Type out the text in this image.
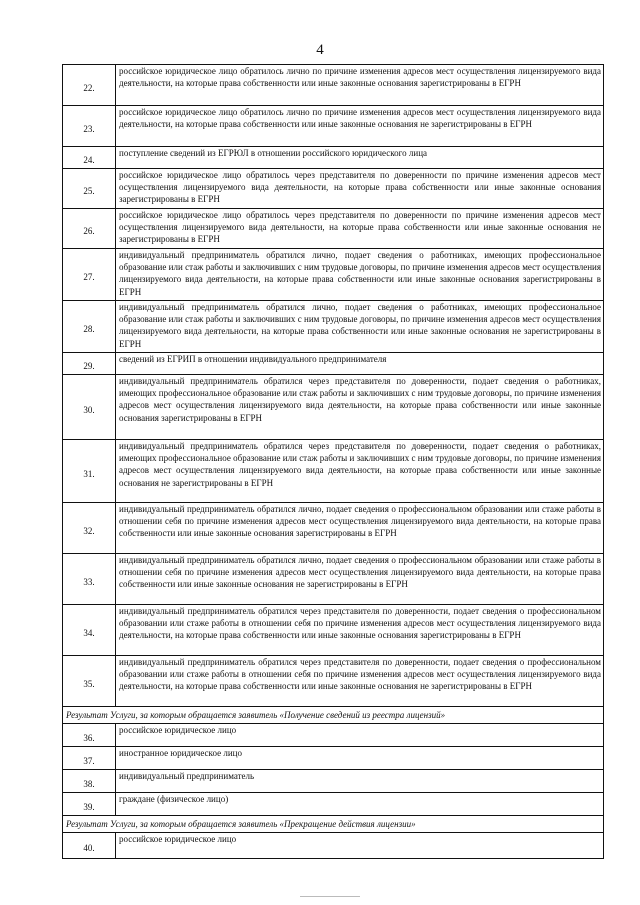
4
22.	российское юридическое лицо обратилось лично по причине изменения адресов мест осуществления лицензируемого вида деятельности, на которые права собственности или иные законные основания зарегистрированы в ЕГРН
23.	российское юридическое лицо обратилось лично по причине изменения адресов мест осуществления лицензируемого вида деятельности, на которые права собственности или иные законные основания не зарегистрированы в ЕГРН
24.	поступление сведений из ЕГРЮЛ в отношении российского юридического лица
25.	российское юридическое лицо обратилось через представителя по доверенности по причине изменения адресов мест осуществления лицензируемого вида деятельности, на которые права собственности или иные законные основания зарегистрированы в ЕГРН
26.	российское юридическое лицо обратилось через представителя по доверенности по причине изменения адресов мест осуществления лицензируемого вида деятельности, на которые права собственности или иные законные основания не зарегистрированы в ЕГРН
27.	индивидуальный предприниматель обратился лично, подает сведения о работниках, имеющих профессиональное образование или стаж работы и заключивших с ним трудовые договоры, по причине изменения адресов мест осуществления лицензируемого вида деятельности, на которые права собственности или иные законные основания зарегистрированы в ЕГРН
28.	индивидуальный предприниматель обратился лично, подает сведения о работниках, имеющих профессиональное образование или стаж работы и заключивших с ним трудовые договоры, по причине изменения адресов мест осуществления лицензируемого вида деятельности, на которые права собственности или иные законные основания не зарегистрированы в ЕГРН
29.	сведений из ЕГРИП в отношении индивидуального предпринимателя
30.	индивидуальный предприниматель обратился через представителя по доверенности, подает сведения о работниках, имеющих профессиональное образование или стаж работы и заключивших с ним трудовые договоры, по причине изменения адресов мест осуществления лицензируемого вида деятельности, на которые права собственности или иные законные основания зарегистрированы в ЕГРН
31.	индивидуальный предприниматель обратился через представителя по доверенности, подает сведения о работниках, имеющих профессиональное образование или стаж работы и заключивших с ним трудовые договоры, по причине изменения адресов мест осуществления лицензируемого вида деятельности, на которые права собственности или иные законные основания не зарегистрированы в ЕГРН
32.	индивидуальный предприниматель обратился лично, подает сведения о профессиональном образовании или стаже работы в отношении себя по причине изменения адресов мест осуществления лицензируемого вида деятельности, на которые права собственности или иные законные основания зарегистрированы в ЕГРН
33.	индивидуальный предприниматель обратился лично, подает сведения о профессиональном образовании или стаже работы в отношении себя по причине изменения адресов мест осуществления лицензируемого вида деятельности, на которые права собственности или иные законные основания не зарегистрированы в ЕГРН
34.	индивидуальный предприниматель обратился через представителя по доверенности, подает сведения о профессиональном образовании или стаже работы в отношении себя по причине изменения адресов мест осуществления лицензируемого вида деятельности, на которые права собственности или иные законные основания зарегистрированы в ЕГРН
35.	индивидуальный предприниматель обратился через представителя по доверенности, подает сведения о профессиональном образовании или стаже работы в отношении себя по причине изменения адресов мест осуществления лицензируемого вида деятельности, на которые права собственности или иные законные основания не зарегистрированы в ЕГРН
Результат Услуги, за которым обращается заявитель «Получение сведений из реестра лицензий»	
36.	российское юридическое лицо
37.	иностранное юридическое лицо
38.	индивидуальный предприниматель
39.	граждане (физическое лицо)
Результат Услуги, за которым обращается заявитель «Прекращение действия лицензии»	
40.	российское юридическое лицо
